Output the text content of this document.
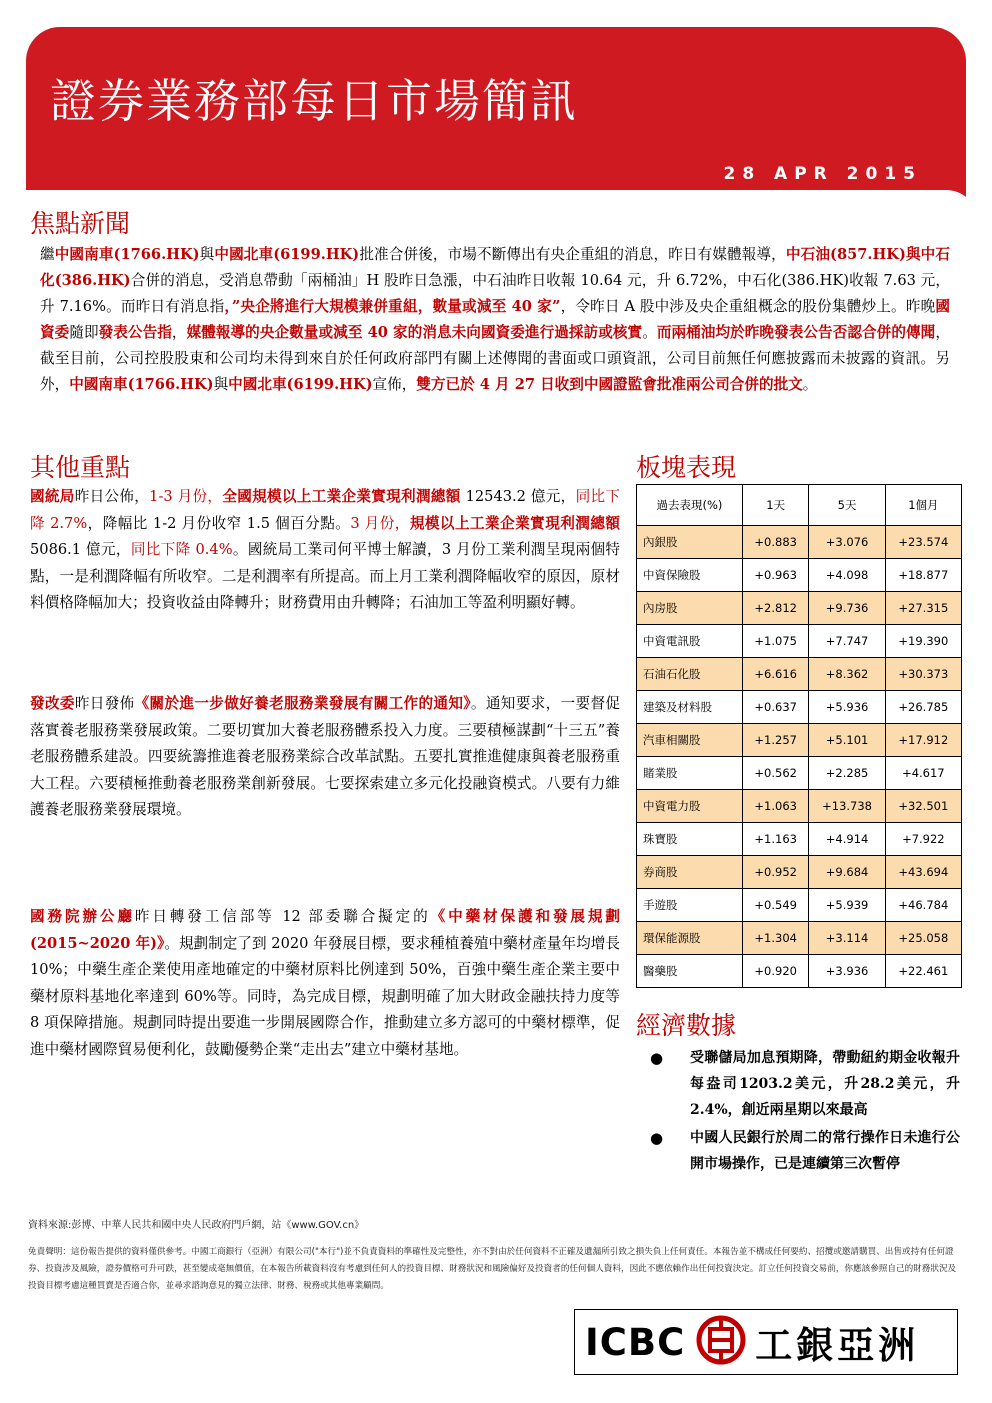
證券業務部每日市場簡訊
28 APR 2015
焦點新聞
繼中國南車(1766.HK)與中國北車(6199.HK)批准合併後，市場不斷傳出有央企重組的消息，昨日有媒體報導，中石油(857.HK)與中石化(386.HK)合併的消息，受消息帶動「兩桶油」H 股昨日急漲，中石油昨日收報 10.64 元，升 6.72%，中石化(386.HK)收報 7.63 元，升 7.16%。而昨日有消息指，”央企將進行大規模兼併重組，數量或減至 40 家”，令昨日 A 股中涉及央企重組概念的股份集體炒上。昨晚國資委隨即發表公告指，媒體報導的央企數量或減至 40 家的消息未向國資委進行過採訪或核實。而兩桶油均於昨晚發表公告否認合併的傳聞，截至目前，公司控股股東和公司均未得到來自於任何政府部門有關上述傳聞的書面或口頭資訊，公司目前無任何應披露而未披露的資訊。另外，中國南車(1766.HK)與中國北車(6199.HK)宣佈，雙方已於 4 月 27 日收到中國證監會批准兩公司合併的批文。
其他重點
國統局昨日公佈，1-3 月份，全國規模以上工業企業實現利潤總額 12543.2 億元，同比下降 2.7%，降幅比 1-2 月份收窄 1.5 個百分點。3 月份，規模以上工業企業實現利潤總額 5086.1 億元，同比下降 0.4%。國統局工業司何平博士解讀，3 月份工業利潤呈現兩個特點，一是利潤降幅有所收窄。二是利潤率有所提高。而上月工業利潤降幅收窄的原因，原材料價格降幅加大；投資收益由降轉升；財務費用由升轉降；石油加工等盈利明顯好轉。
發改委昨日發佈《關於進一步做好養老服務業發展有關工作的通知》。通知要求，一要督促落實養老服務業發展政策。二要切實加大養老服務體系投入力度。三要積極謀劃“十三五”養老服務體系建設。四要統籌推進養老服務業綜合改革試點。五要扎實推進健康與養老服務重大工程。六要積極推動養老服務業創新發展。七要探索建立多元化投融資模式。八要有力維護養老服務業發展環境。
國務院辦公廳昨日轉發工信部等 12 部委聯合擬定的《中藥材保護和發展規劃(2015~2020 年)》。規劃制定了到 2020 年發展目標，要求種植養殖中藥材產量年均增長 10%；中藥生產企業使用產地確定的中藥材原料比例達到 50%，百強中藥生產企業主要中藥材原料基地化率達到 60%等。同時，為完成目標，規劃明確了加大財政金融扶持力度等 8 項保障措施。規劃同時提出要進一步開展國際合作，推動建立多方認可的中藥材標準，促進中藥材國際貿易便利化，鼓勵優勢企業“走出去”建立中藥材基地。
板塊表現
過去表現(%)	1天	5天	1個月
內銀股	+0.883	+3.076	+23.574
中資保險股	+0.963	+4.098	+18.877
內房股	+2.812	+9.736	+27.315
中資電訊股	+1.075	+7.747	+19.390
石油石化股	+6.616	+8.362	+30.373
建築及材料股	+0.637	+5.936	+26.785
汽車相關股	+1.257	+5.101	+17.912
賭業股	+0.562	+2.285	+4.617
中資電力股	+1.063	+13.738	+32.501
珠寶股	+1.163	+4.914	+7.922
券商股	+0.952	+9.684	+43.694
手遊股	+0.549	+5.939	+46.784
環保能源股	+1.304	+3.114	+25.058
醫藥股	+0.920	+3.936	+22.461
經濟數據
● 受聯儲局加息預期降，帶動紐約期金收報升每盎司1203.2美元，升28.2美元，升2.4%，創近兩星期以來最高
● 中國人民銀行於周二的常行操作日未進行公開市場操作，已是連續第三次暫停
資料來源:彭博、中華人民共和國中央人民政府門戶網，站《www.GOV.cn》
免責聲明：這份報告提供的資料僅供參考。中國工商銀行（亞洲）有限公司("本行")並不負責資料的準確性及完整性，亦不對由於任何資料不正確及遺漏所引致之損失負上任何責任。本報告並不構成任何要約、招攬或邀請購買、出售或持有任何證券、投資涉及風險，證券價格可升可跌，甚至變成毫無價值，在本報告所載資料沒有考慮到任何人的投資目標、財務狀況和風險偏好及投資者的任何個人資料，因此不應依賴作出任何投資決定。訂立任何投資交易前，你應該參照自己的財務狀況及投資目標考慮這種買賣是否適合你，並尋求諮詢意見的獨立法律、財務、稅務或其他專業顧問。
ICBC 工銀亞洲
